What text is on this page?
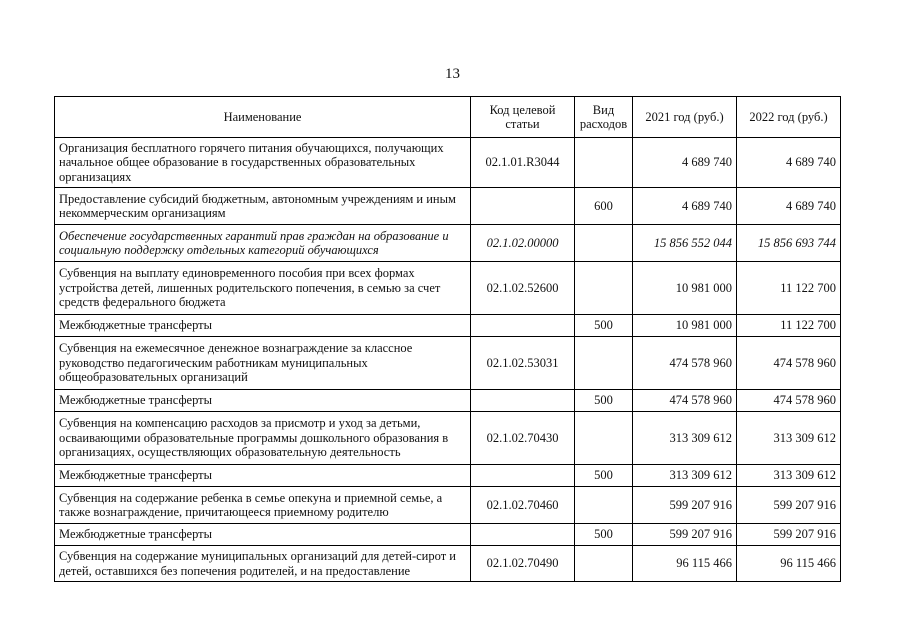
13
Наименование	Код целевой статьи	Вид расходов	2021 год (руб.)	2022 год (руб.)
Организация бесплатного горячего питания обучающихся, получающих начальное общее образование в государственных образовательных организациях	02.1.01.R3044		4 689 740	4 689 740
Предоставление субсидий бюджетным, автономным учреждениям и иным некоммерческим организациям		600	4 689 740	4 689 740
Обеспечение государственных гарантий прав граждан на образование и социальную поддержку отдельных категорий обучающихся	02.1.02.00000		15 856 552 044	15 856 693 744
Субвенция на выплату единовременного пособия при всех формах устройства детей, лишенных родительского попечения, в семью за счет средств федерального бюджета	02.1.02.52600		10 981 000	11 122 700
Межбюджетные трансферты		500	10 981 000	11 122 700
Субвенция на ежемесячное денежное вознаграждение за классное руководство педагогическим работникам муниципальных общеобразовательных организаций	02.1.02.53031		474 578 960	474 578 960
Межбюджетные трансферты		500	474 578 960	474 578 960
Субвенция на компенсацию расходов за присмотр и уход за детьми, осваивающими образовательные программы дошкольного образования в организациях, осуществляющих образовательную деятельность	02.1.02.70430		313 309 612	313 309 612
Межбюджетные трансферты		500	313 309 612	313 309 612
Субвенция на содержание ребенка в семье опекуна и приемной семье, а также вознаграждение, причитающееся приемному родителю	02.1.02.70460		599 207 916	599 207 916
Межбюджетные трансферты		500	599 207 916	599 207 916
Субвенция на содержание муниципальных организаций для детей-сирот и детей, оставшихся без попечения родителей, и на предоставление	02.1.02.70490		96 115 466	96 115 466
